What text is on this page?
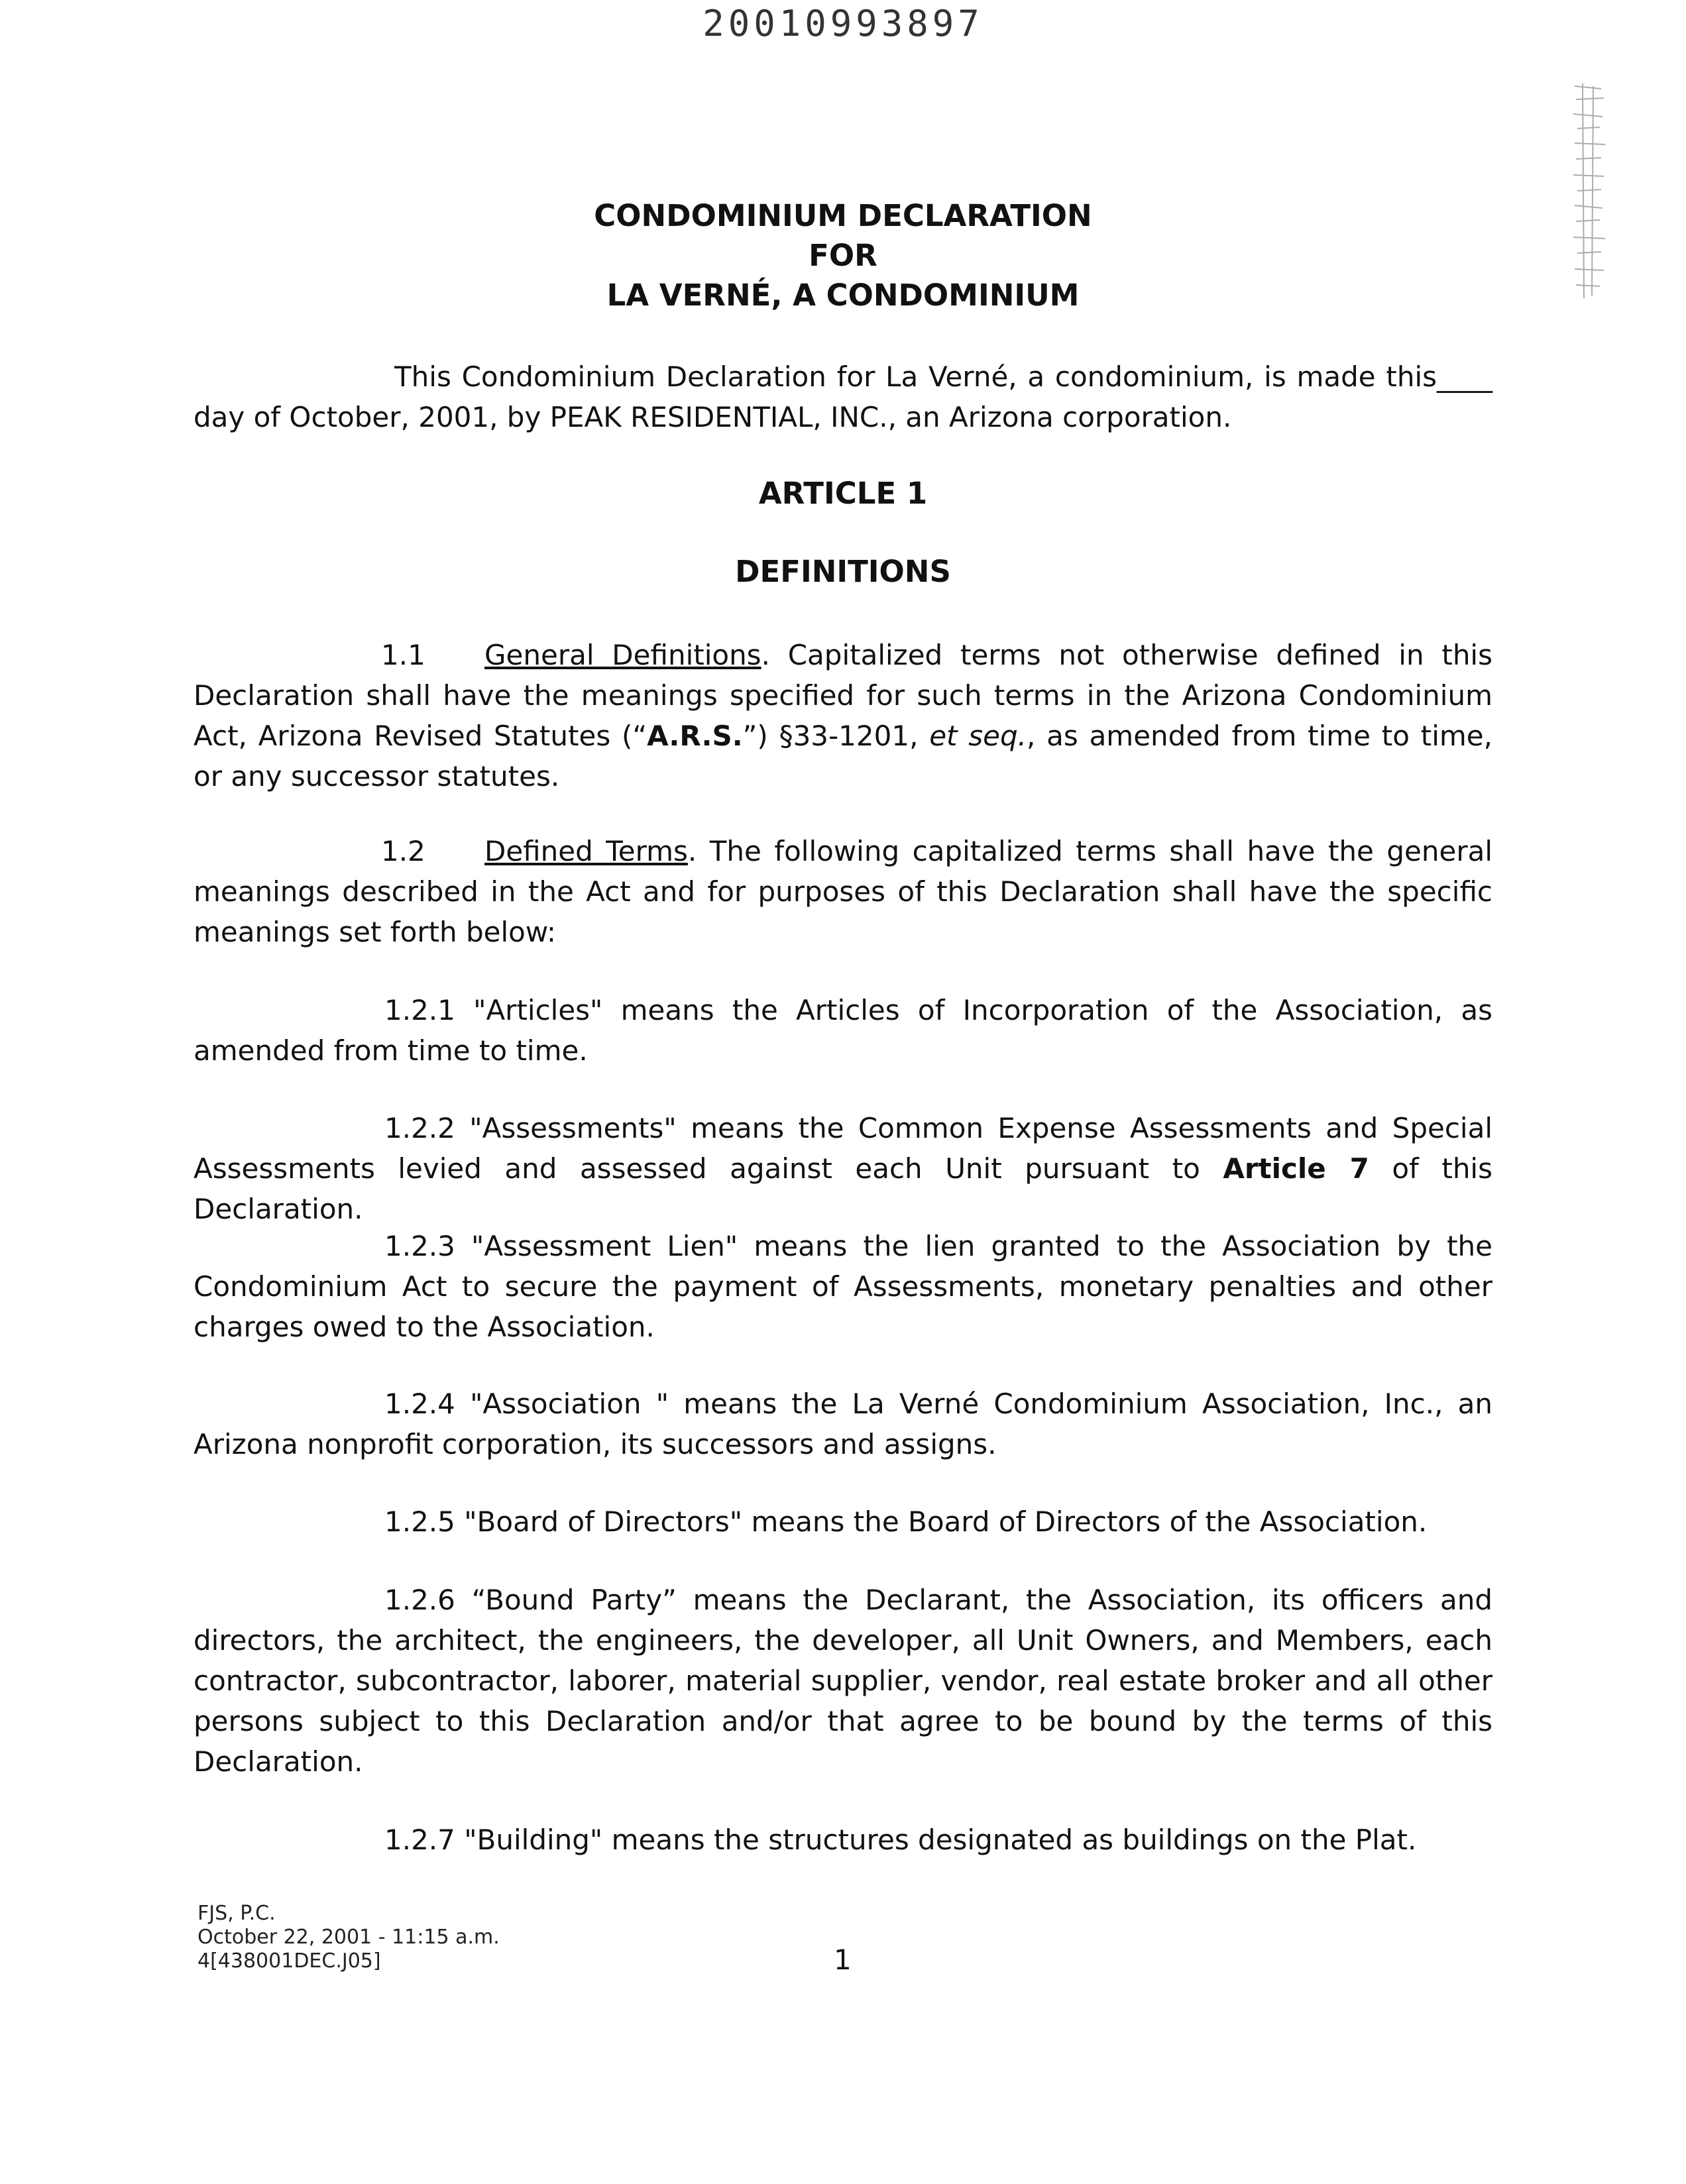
20010993897
CONDOMINIUM DECLARATION
FOR
LA VERNÉ, A CONDOMINIUM

This Condominium Declaration for La Verné, a condominium, is made this____ day of October, 2001, by PEAK RESIDENTIAL, INC., an Arizona corporation.

ARTICLE 1
DEFINITIONS

1.1 General Definitions. Capitalized terms not otherwise defined in this Declaration shall have the meanings specified for such terms in the Arizona Condominium Act, Arizona Revised Statutes (“A.R.S.”) §33-1201, et seq., as amended from time to time, or any successor statutes.

1.2 Defined Terms. The following capitalized terms shall have the general meanings described in the Act and for purposes of this Declaration shall have the specific meanings set forth below:

1.2.1 "Articles" means the Articles of Incorporation of the Association, as amended from time to time.

1.2.2 "Assessments" means the Common Expense Assessments and Special Assessments levied and assessed against each Unit pursuant to Article 7 of this Declaration.

1.2.3 "Assessment Lien" means the lien granted to the Association by the Condominium Act to secure the payment of Assessments, monetary penalties and other charges owed to the Association.

1.2.4 "Association " means the La Verné Condominium Association, Inc., an Arizona nonprofit corporation, its successors and assigns.

1.2.5 "Board of Directors" means the Board of Directors of the Association.

1.2.6 “Bound Party” means the Declarant, the Association, its officers and directors, the architect, the engineers, the developer, all Unit Owners, and Members, each contractor, subcontractor, laborer, material supplier, vendor, real estate broker and all other persons subject to this Declaration and/or that agree to be bound by the terms of this Declaration.

1.2.7 "Building" means the structures designated as buildings on the Plat.

FJS, P.C.
October 22, 2001 - 11:15 a.m.
4[438001DEC.J05]	1
